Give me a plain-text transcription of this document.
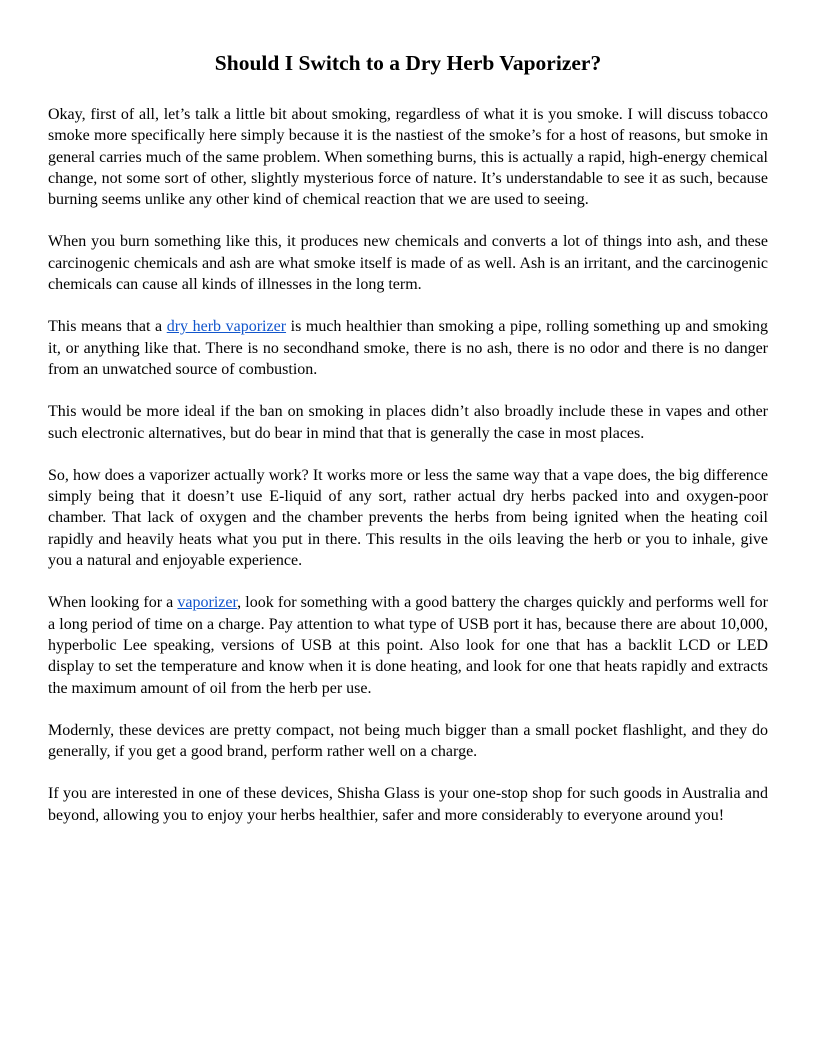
Should I Switch to a Dry Herb Vaporizer?

Okay, first of all, let’s talk a little bit about smoking, regardless of what it is you smoke. I will discuss tobacco smoke more specifically here simply because it is the nastiest of the smoke’s for a host of reasons, but smoke in general carries much of the same problem. When something burns, this is actually a rapid, high-energy chemical change, not some sort of other, slightly mysterious force of nature. It’s understandable to see it as such, because burning seems unlike any other kind of chemical reaction that we are used to seeing.

When you burn something like this, it produces new chemicals and converts a lot of things into ash, and these carcinogenic chemicals and ash are what smoke itself is made of as well. Ash is an irritant, and the carcinogenic chemicals can cause all kinds of illnesses in the long term.

This means that a dry herb vaporizer is much healthier than smoking a pipe, rolling something up and smoking it, or anything like that. There is no secondhand smoke, there is no ash, there is no odor and there is no danger from an unwatched source of combustion.

This would be more ideal if the ban on smoking in places didn’t also broadly include these in vapes and other such electronic alternatives, but do bear in mind that that is generally the case in most places.

So, how does a vaporizer actually work? It works more or less the same way that a vape does, the big difference simply being that it doesn’t use E-liquid of any sort, rather actual dry herbs packed into and oxygen-poor chamber. That lack of oxygen and the chamber prevents the herbs from being ignited when the heating coil rapidly and heavily heats what you put in there. This results in the oils leaving the herb or you to inhale, give you a natural and enjoyable experience.

When looking for a vaporizer, look for something with a good battery the charges quickly and performs well for a long period of time on a charge. Pay attention to what type of USB port it has, because there are about 10,000, hyperbolic Lee speaking, versions of USB at this point. Also look for one that has a backlit LCD or LED display to set the temperature and know when it is done heating, and look for one that heats rapidly and extracts the maximum amount of oil from the herb per use.

Modernly, these devices are pretty compact, not being much bigger than a small pocket flashlight, and they do generally, if you get a good brand, perform rather well on a charge.

If you are interested in one of these devices, Shisha Glass is your one-stop shop for such goods in Australia and beyond, allowing you to enjoy your herbs healthier, safer and more considerably to everyone around you!
